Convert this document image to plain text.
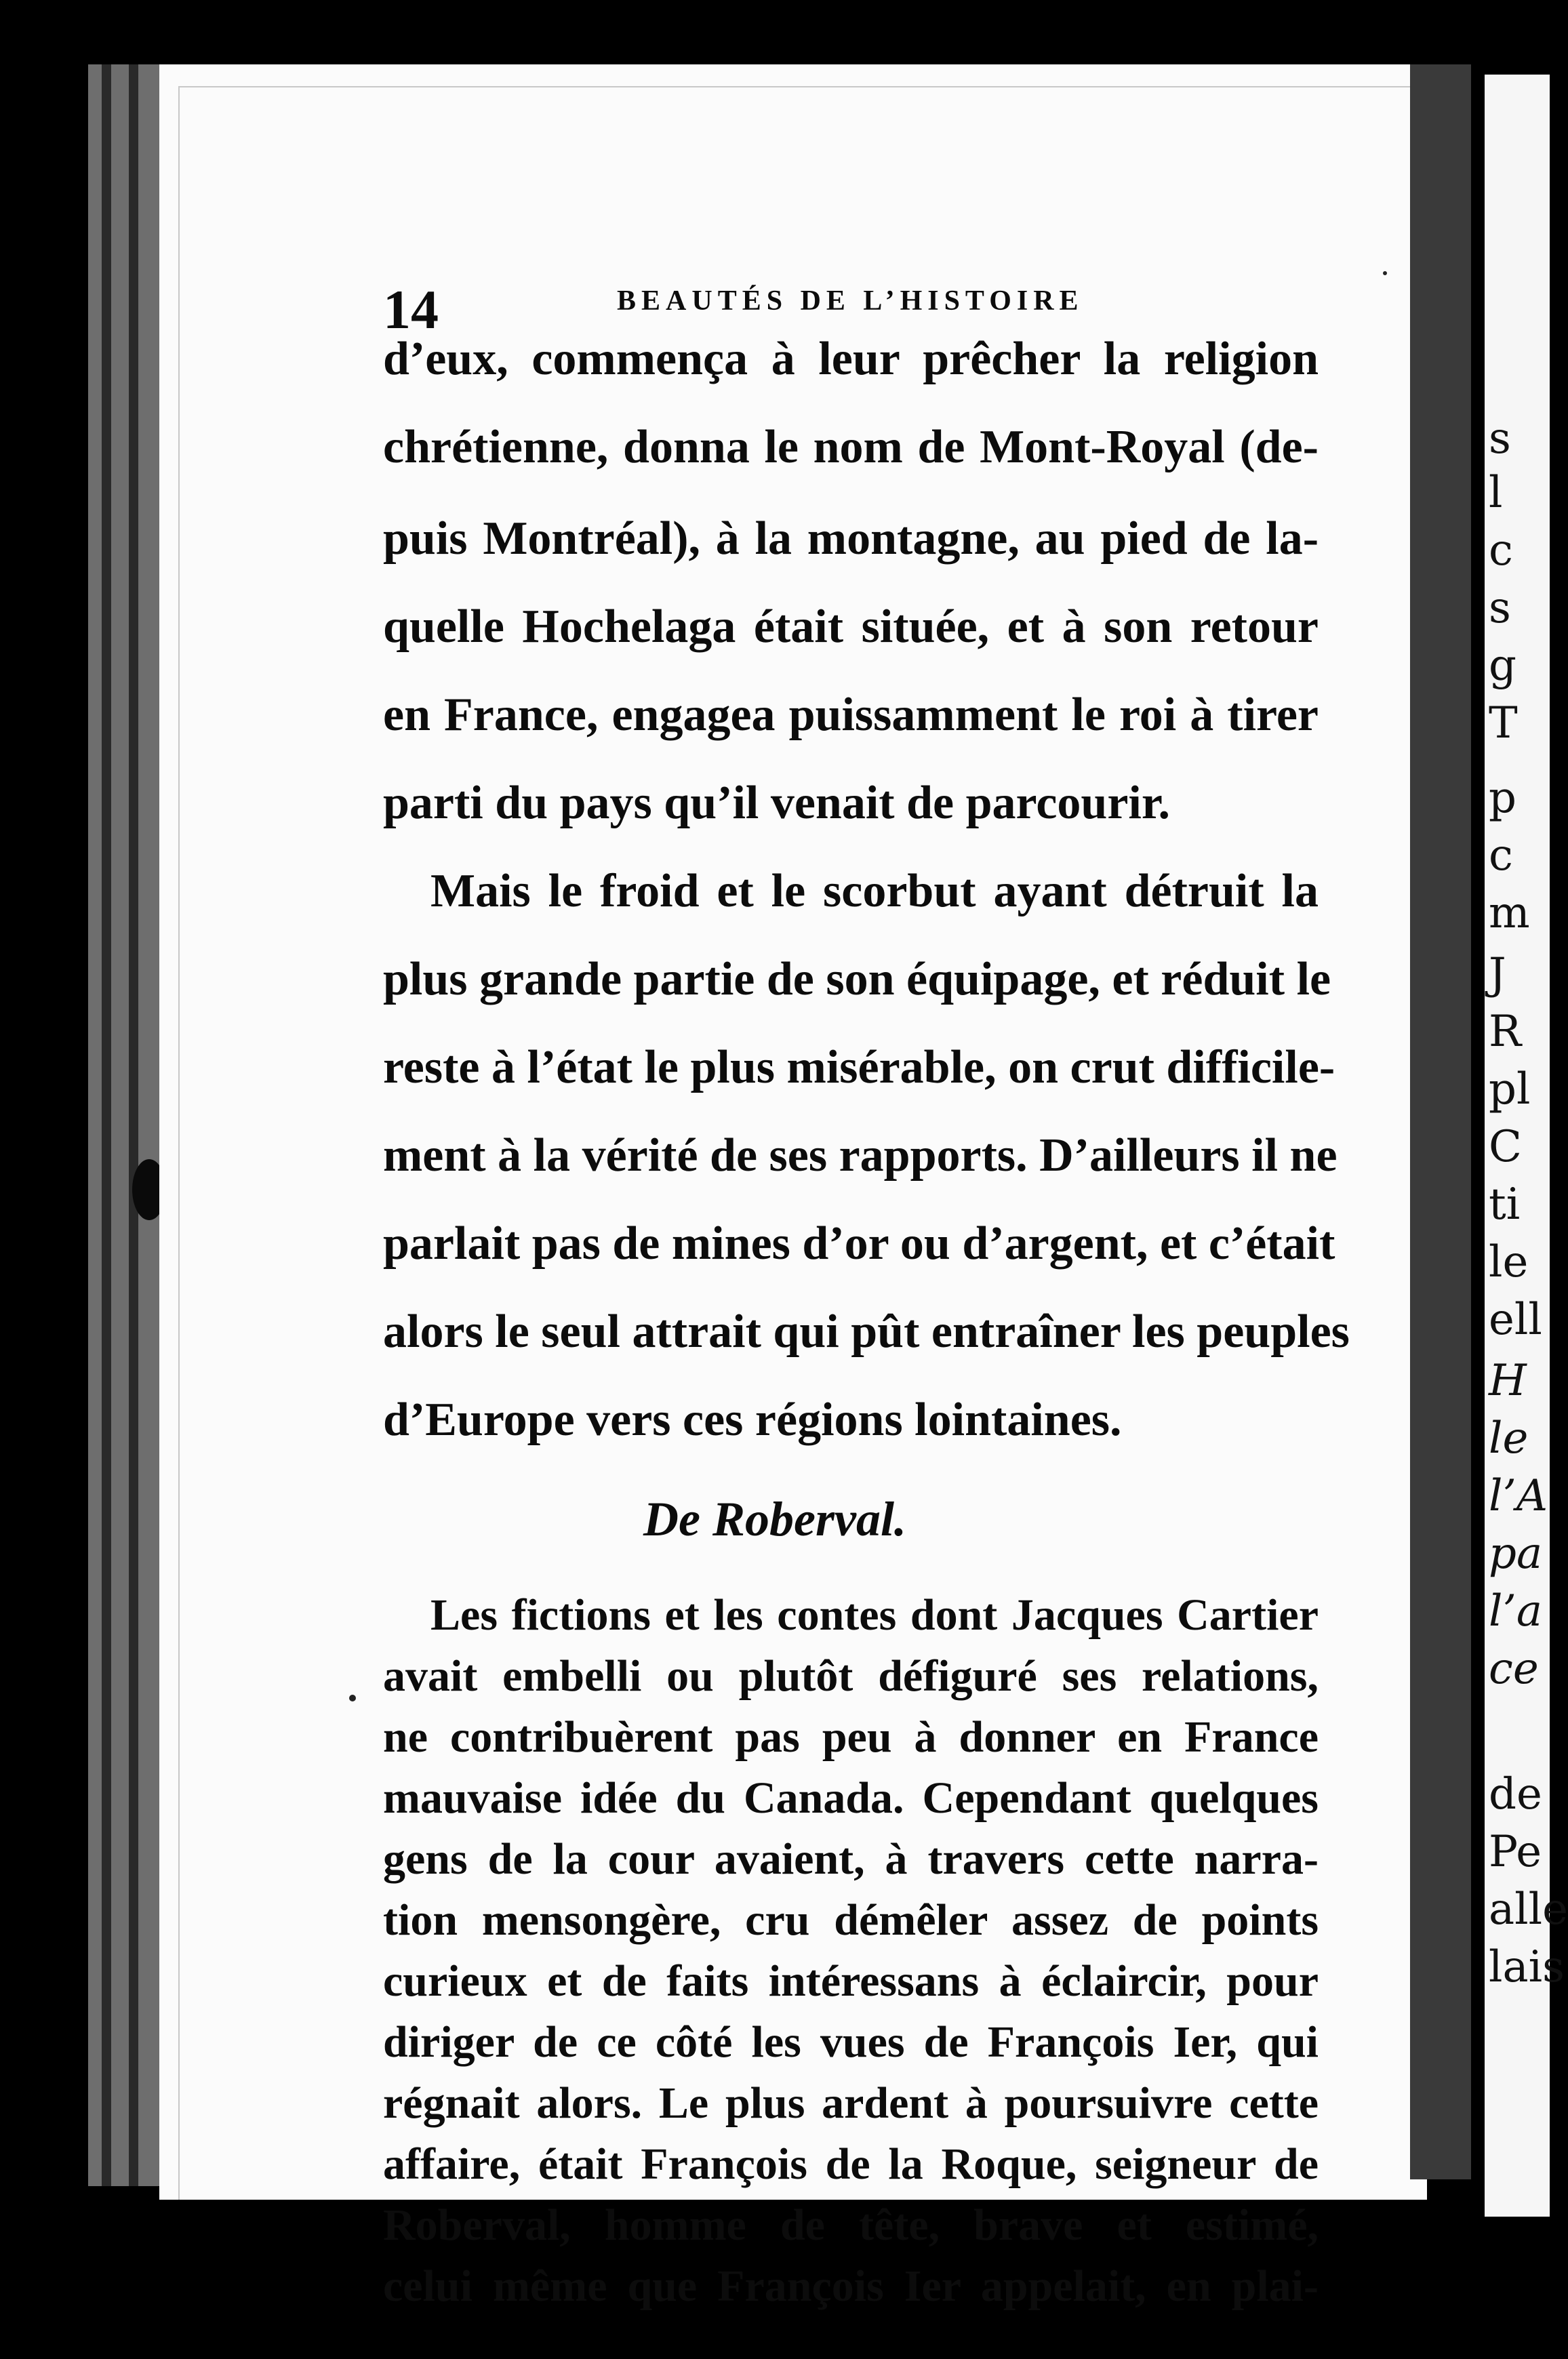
s
l
c
s
g
T
p
c
m
J
R
pl
C
ti
le
ell
H
le
l’A
pa
l’a
ce
de
Pe
alle
lais
14	BEAUTÉS DE L’HISTOIRE
d’eux, commença à leur prêcher la religion
chrétienne, donna le nom de Mont-Royal (de-
puis Montréal), à la montagne, au pied de la-
quelle Hochelaga était située, et à son retour
en France, engagea puissamment le roi à tirer
parti du pays qu’il venait de parcourir.
Mais le froid et le scorbut ayant détruit la
plus grande partie de son équipage, et réduit le
reste à l’état le plus misérable, on crut difficile-
ment à la vérité de ses rapports. D’ailleurs il ne
parlait pas de mines d’or ou d’argent, et c’était
alors le seul attrait qui pût entraîner les peuples
d’Europe vers ces régions lointaines.
De Roberval.
Les fictions et les contes dont Jacques Cartier
avait embelli ou plutôt défiguré ses relations,
ne contribuèrent pas peu à donner en France
mauvaise idée du Canada. Cependant quelques
gens de la cour avaient, à travers cette narra-
tion mensongère, cru démêler assez de points
curieux et de faits intéressans à éclaircir, pour
diriger de ce côté les vues de François Ier, qui
régnait alors. Le plus ardent à poursuivre cette
affaire, était François de la Roque, seigneur de
Roberval, homme de tête, brave et estimé,
celui même que François Ier appelait, en plai-
